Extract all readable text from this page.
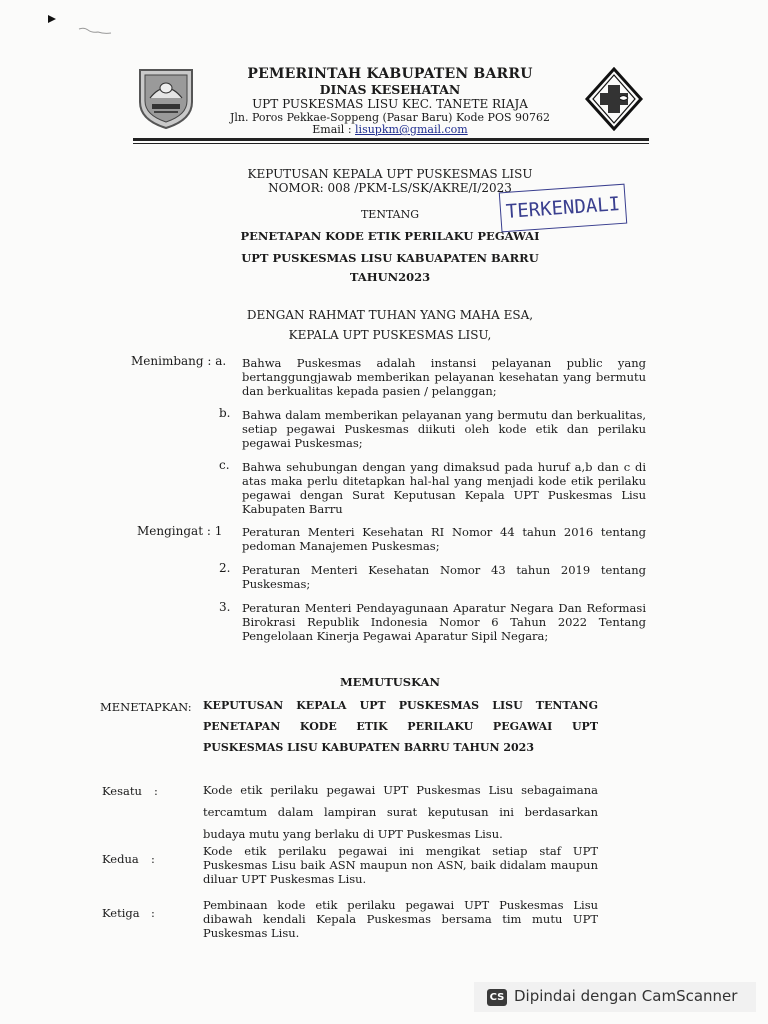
PEMERINTAH KABUPATEN BARRU
DINAS KESEHATAN
UPT PUSKESMAS LISU KEC. TANETE RIAJA
Jln. Poros Pekkae-Soppeng (Pasar Baru) Kode POS 90762
Email : lisupkm@gmail.com
KEPUTUSAN KEPALA UPT PUSKESMAS LISU
NOMOR: 008 /PKM-LS/SK/AKRE/I/2023
TERKENDALI
TENTANG
PENETAPAN KODE ETIK PERILAKU PEGAWAI
UPT PUSKESMAS LISU KABUAPATEN BARRU
TAHUN2023
DENGAN RAHMAT TUHAN YANG MAHA ESA,
KEPALA UPT PUSKESMAS LISU,
Menimbang : a. Bahwa Puskesmas adalah instansi pelayanan public yang bertanggungjawab memberikan pelayanan kesehatan yang bermutu dan berkualitas kepada pasien / pelanggan;
b. Bahwa dalam memberikan pelayanan yang bermutu dan berkualitas, setiap pegawai Puskesmas diikuti oleh kode etik dan perilaku pegawai Puskesmas;
c. Bahwa sehubungan dengan yang dimaksud pada huruf a,b dan c di atas maka perlu ditetapkan hal-hal yang menjadi kode etik perilaku pegawai dengan Surat Keputusan Kepala UPT Puskesmas Lisu Kabupaten Barru
Mengingat : 1 Peraturan Menteri Kesehatan RI Nomor 44 tahun 2016 tentang pedoman Manajemen Puskesmas;
2. Peraturan Menteri Kesehatan Nomor 43 tahun 2019 tentang Puskesmas;
3. Peraturan Menteri Pendayagunaan Aparatur Negara Dan Reformasi Birokrasi Republik Indonesia Nomor 6 Tahun 2022 Tentang Pengelolaan Kinerja Pegawai Aparatur Sipil Negara;
MEMUTUSKAN
MENETAPKAN: KEPUTUSAN KEPALA UPT PUSKESMAS LISU TENTANG PENETAPAN KODE ETIK PERILAKU PEGAWAI UPT PUSKESMAS LISU KABUPATEN BARRU TAHUN 2023
Kesatu :	Kode etik perilaku pegawai UPT Puskesmas Lisu sebagaimana tercamtum dalam lampiran surat keputusan ini berdasarkan budaya mutu yang berlaku di UPT Puskesmas Lisu.
Kedua :
Kode etik perilaku pegawai ini mengikat setiap staf UPT Puskesmas Lisu baik ASN maupun non ASN, baik didalam maupun diluar UPT Puskesmas Lisu.
Ketiga :
Pembinaan kode etik perilaku pegawai UPT Puskesmas Lisu dibawah kendali Kepala Puskesmas bersama tim mutu UPT Puskesmas Lisu.
CS Dipindai dengan CamScanner
